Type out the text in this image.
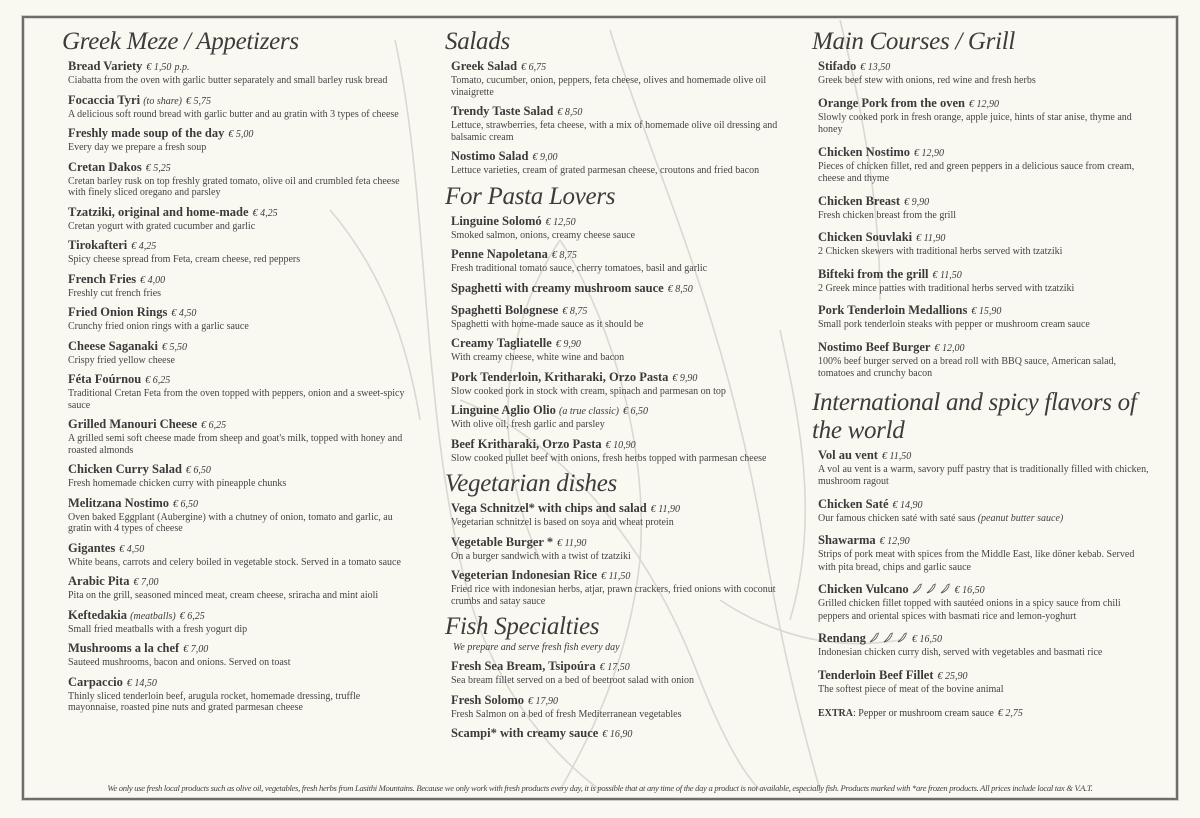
Greek Meze / Appetizers
Bread Variety € 1,50 p.p.
Ciabatta from the oven with garlic butter separately and small barley rusk bread
Focaccia Tyri (to share) € 5,75
A delicious soft round bread with garlic butter and au gratin with 3 types of cheese
Freshly made soup of the day € 5,00
Every day we prepare a fresh soup
Cretan Dakos € 5,25
Cretan barley rusk on top freshly grated tomato, olive oil and crumbled feta cheese with finely sliced oregano and parsley
Tzatziki, original and home-made € 4,25
Cretan yogurt with grated cucumber and garlic
Tirokafteri € 4,25
Spicy cheese spread from Feta, cream cheese, red peppers
French Fries € 4,00
Freshly cut french fries
Fried Onion Rings € 4,50
Crunchy fried onion rings with a garlic sauce
Cheese Saganaki € 5,50
Crispy fried yellow cheese
Féta Foúrnou € 6,25
Traditional Cretan Feta from the oven topped with peppers, onion and a sweet-spicy sauce
Grilled Manouri Cheese € 6,25
A grilled semi soft cheese made from sheep and goat's milk, topped with honey and roasted almonds
Chicken Curry Salad € 6,50
Fresh homemade chicken curry with pineapple chunks
Melitzana Nostimo € 6,50
Oven baked Eggplant (Aubergine) with a chutney of onion, tomato and garlic, au gratin with 4 types of cheese
Gigantes € 4,50
White beans, carrots and celery boiled in vegetable stock. Served in a tomato sauce
Arabic Pita € 7,00
Pita on the grill, seasoned minced meat, cream cheese, sriracha and mint aioli
Keftedakia (meatballs) € 6,25
Small fried meatballs with a fresh yogurt dip
Mushrooms a la chef € 7,00
Sauteed mushrooms, bacon and onions. Served on toast
Carpaccio € 14,50
Thinly sliced tenderloin beef, arugula rocket, homemade dressing, truffle mayonnaise, roasted pine nuts and grated parmesan cheese
Salads
Greek Salad € 6,75
Tomato, cucumber, onion, peppers, feta cheese, olives and homemade olive oil vinaigrette
Trendy Taste Salad € 8,50
Lettuce, strawberries, feta cheese, with a mix of homemade olive oil dressing and balsamic cream
Nostimo Salad € 9,00
Lettuce varieties, cream of grated parmesan cheese, croutons and fried bacon
For Pasta Lovers
Linguine Solomó € 12,50
Smoked salmon, onions, creamy cheese sauce
Penne Napoletana € 8,75
Fresh traditional tomato sauce, cherry tomatoes, basil and garlic
Spaghetti with creamy mushroom sauce € 8,50
Spaghetti Bolognese € 8,75
Spaghetti with home-made sauce as it should be
Creamy Tagliatelle € 9,90
With creamy cheese, white wine and bacon
Pork Tenderloin, Kritharaki, Orzo Pasta € 9,90
Slow cooked pork in stock with cream, spinach and parmesan on top
Linguine Aglio Olio (a true classic) € 6,50
With olive oil, fresh garlic and parsley
Beef Kritharaki, Orzo Pasta € 10,90
Slow cooked pullet beef with onions, fresh herbs topped with parmesan cheese
Vegetarian dishes
Vega Schnitzel* with chips and salad € 11,90
Vegetarian schnitzel is based on soya and wheat protein
Vegetable Burger * € 11,90
On a burger sandwich with a twist of tzatziki
Vegeterian Indonesian Rice € 11,50
Fried rice with indonesian herbs, atjar, prawn crackers, fried onions with coconut crumbs and satay sauce
Fish Specialties
We prepare and serve fresh fish every day
Fresh Sea Bream, Tsipoúra € 17,50
Sea bream fillet served on a bed of beetroot salad with onion
Fresh Solomo € 17,90
Fresh Salmon on a bed of fresh Mediterranean vegetables
Scampi* with creamy sauce € 16,90
Main Courses / Grill
Stifado € 13,50
Greek beef stew with onions, red wine and fresh herbs
Orange Pork from the oven € 12,90
Slowly cooked pork in fresh orange, apple juice, hints of star anise, thyme and honey
Chicken Nostimo € 12,90
Pieces of chicken fillet, red and green peppers in a delicious sauce from cream, cheese and thyme
Chicken Breast € 9,90
Fresh chicken breast from the grill
Chicken Souvlaki € 11,90
2 Chicken skewers with traditional herbs served with tzatziki
Bifteki from the grill € 11,50
2 Greek mince patties with traditional herbs served with tzatziki
Pork Tenderloin Medallions € 15,90
Small pork tenderloin steaks with pepper or mushroom cream sauce
Nostimo Beef Burger € 12,00
100% beef burger served on a bread roll with BBQ sauce, American salad, tomatoes and crunchy bacon
International and spicy flavors of the world
Vol au vent € 11,50
A vol au vent is a warm, savory puff pastry that is traditionally filled with chicken, mushroom ragout
Chicken Saté € 14,90
Our famous chicken saté with saté saus (peanut butter sauce)
Shawarma € 12,90
Strips of pork meat with spices from the Middle East, like döner kebab. Served with pita bread, chips and garlic sauce
Chicken Vulcano	€ 16,50
Grilled chicken fillet topped with sautéed onions in a spicy sauce from chili peppers and oriental spices with basmati rice and lemon-yoghurt
Rendang	€ 16,50
Indonesian chicken curry dish, served with vegetables and basmati rice
Tenderloin Beef Fillet € 25,90
The softest piece of meat of the bovine animal
EXTRA: Pepper or mushroom cream sauce € 2,75
We only use fresh local products such as olive oil, vegetables, fresh herbs from Lasithi Mountains. Because we only work with fresh products every day, it is possible that at any time of the day a product is not available, especially fish. Products marked with *are frozen products. All prices include local tax & V.A.T.
